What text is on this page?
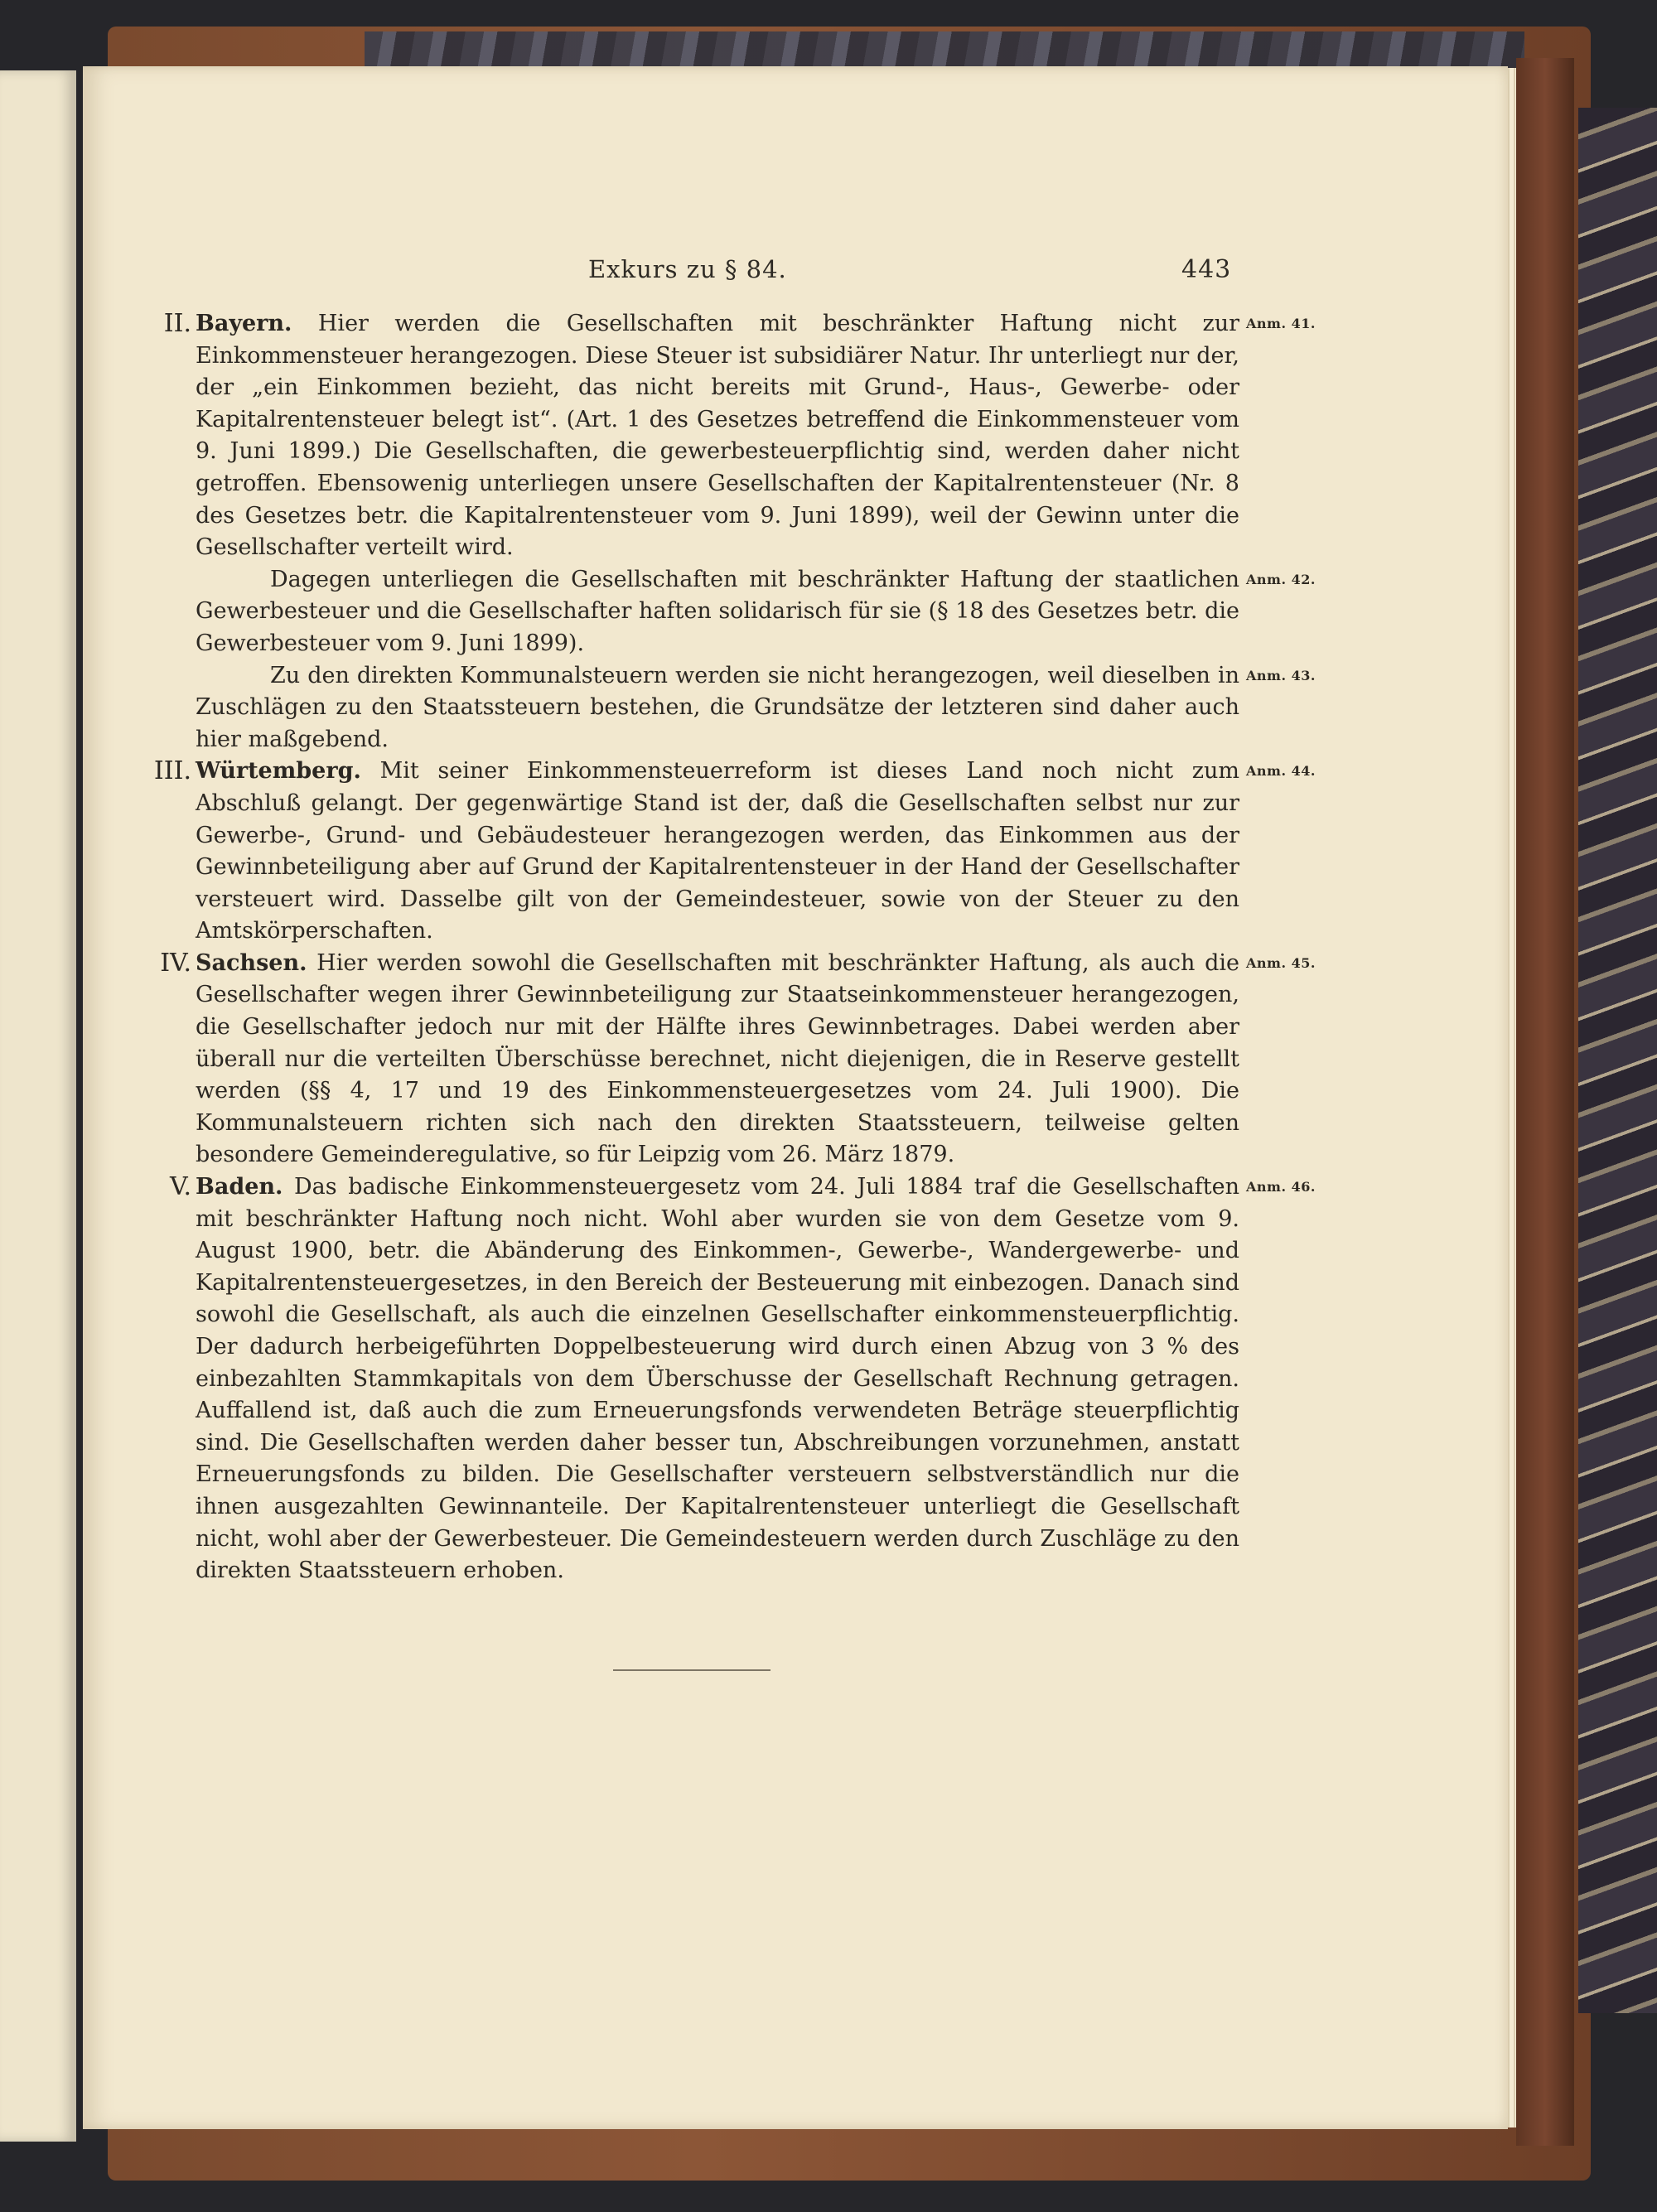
Exkurs zu § 84.	443
II.	Anm. 41.

Bayern. Hier werden die Gesellschaften mit beschränkter Haftung nicht zur Einkommensteuer herangezogen. Diese Steuer ist subsidiärer Natur. Ihr unterliegt nur der, der „ein Einkommen bezieht, das nicht bereits mit Grund-, Haus-, Gewerbe- oder Kapitalrentensteuer belegt ist“. (Art. 1 des Gesetzes betreffend die Einkommensteuer vom 9. Juni 1899.) Die Gesellschaften, die gewerbesteuerpflichtig sind, werden daher nicht getroffen. Ebensowenig unterliegen unsere Gesellschaften der Kapitalrentensteuer (Nr. 8 des Gesetzes betr. die Kapitalrentensteuer vom 9. Juni 1899), weil der Gewinn unter die Gesellschafter verteilt wird.

Anm. 42.

Dagegen unterliegen die Gesellschaften mit beschränkter Haftung der staatlichen Gewerbesteuer und die Gesellschafter haften solidarisch für sie (§ 18 des Gesetzes betr. die Gewerbesteuer vom 9. Juni 1899).

Anm. 43.

Zu den direkten Kommunalsteuern werden sie nicht herangezogen, weil dieselben in Zuschlägen zu den Staatssteuern bestehen, die Grundsätze der letzteren sind daher auch hier maßgebend.

III.	Anm. 44.

Würtemberg. Mit seiner Einkommensteuerreform ist dieses Land noch nicht zum Abschluß gelangt. Der gegenwärtige Stand ist der, daß die Gesellschaften selbst nur zur Gewerbe-, Grund- und Gebäudesteuer herangezogen werden, das Einkommen aus der Gewinnbeteiligung aber auf Grund der Kapitalrentensteuer in der Hand der Gesellschafter versteuert wird. Dasselbe gilt von der Gemeindesteuer, sowie von der Steuer zu den Amtskörperschaften.

IV.	Anm. 45.

Sachsen. Hier werden sowohl die Gesellschaften mit beschränkter Haftung, als auch die Gesellschafter wegen ihrer Gewinnbeteiligung zur Staatseinkommensteuer herangezogen, die Gesellschafter jedoch nur mit der Hälfte ihres Gewinnbetrages. Dabei werden aber überall nur die verteilten Überschüsse berechnet, nicht diejenigen, die in Reserve gestellt werden (§§ 4, 17 und 19 des Einkommensteuergesetzes vom 24. Juli 1900). Die Kommunalsteuern richten sich nach den direkten Staatssteuern, teilweise gelten besondere Gemeinderegulative, so für Leipzig vom 26. März 1879.

V.	Anm. 46.

Baden. Das badische Einkommensteuergesetz vom 24. Juli 1884 traf die Gesellschaften mit beschränkter Haftung noch nicht. Wohl aber wurden sie von dem Gesetze vom 9. August 1900, betr. die Abänderung des Einkommen-, Gewerbe-, Wandergewerbe- und Kapitalrentensteuergesetzes, in den Bereich der Besteuerung mit einbezogen. Danach sind sowohl die Gesellschaft, als auch die einzelnen Gesellschafter einkommensteuerpflichtig. Der dadurch herbeigeführten Doppelbesteuerung wird durch einen Abzug von 3 % des einbezahlten Stammkapitals von dem Überschusse der Gesellschaft Rechnung getragen. Auffallend ist, daß auch die zum Erneuerungsfonds verwendeten Beträge steuerpflichtig sind. Die Gesellschaften werden daher besser tun, Abschreibungen vorzunehmen, anstatt Erneuerungsfonds zu bilden. Die Gesellschafter versteuern selbstverständlich nur die ihnen ausgezahlten Gewinnanteile. Der Kapitalrentensteuer unterliegt die Gesellschaft nicht, wohl aber der Gewerbesteuer. Die Gemeindesteuern werden durch Zuschläge zu den direkten Staatssteuern erhoben.
